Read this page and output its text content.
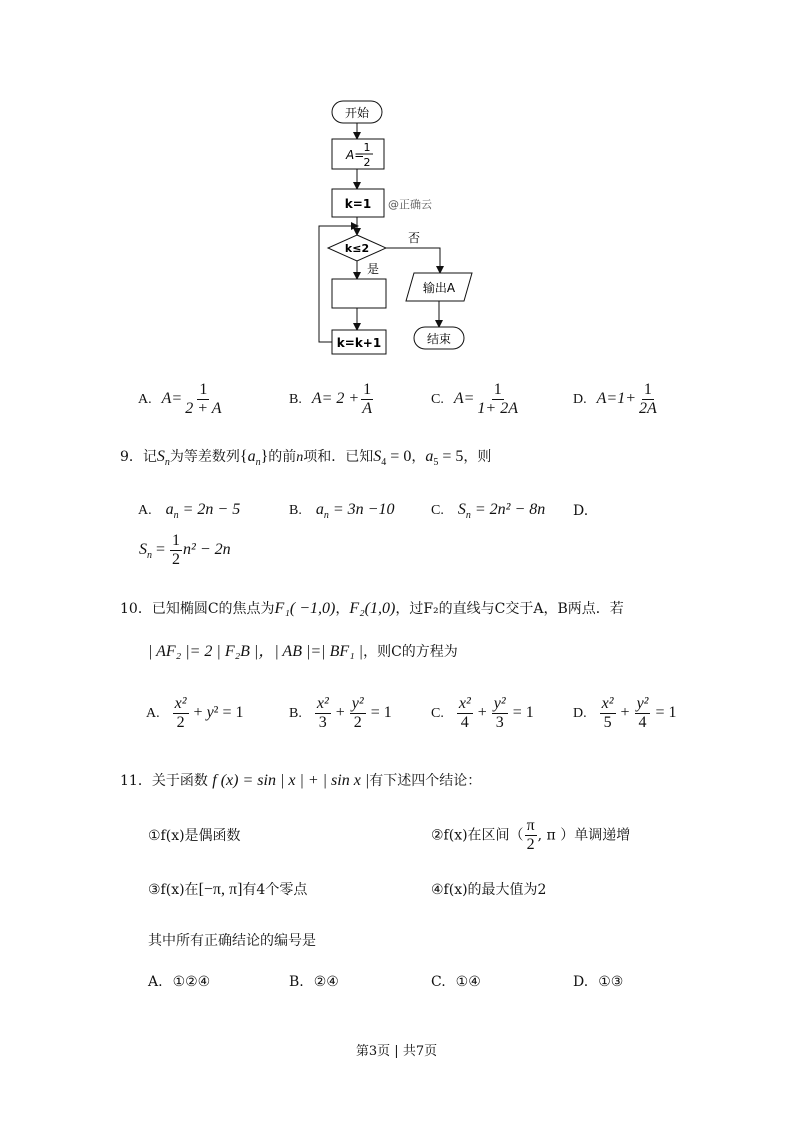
开始
A=
1
2
k=1 @正确云
k≤2
否
是
k=k+1
输出A
结束
A. $A= \frac{1}{2 + A}$	B. $A= 2 + \frac{1}{A}$	C. $A= \frac{1}{1+ 2A}$	D. $A=1+ \frac{1}{2A}$
9．记$S_n$为等差数列$\{a_n\}$的前n项和．已知$S_4 = 0$，$a_5 = 5$，则
A. $a_n = 2n - 5$	B. $a_n = 3n -10$	C. $S_n = 2n^2 - 8n$ D.
$S_n = \frac{1}{2} n^2 - 2n$
10．已知椭圆C的焦点为F₁( −1,0)，F₂(1,0)，过F₂的直线与C交于A，B两点．若
| AF₂ |= 2 | F₂B |，| AB |=| BF₁ |，则C的方程为
A. $\frac{\text{x²}}{2} + y^2 = 1$	B. $\frac{\text{x²}}{3} + \frac{\text{y²}}{2} = 1$	C. $\frac{\text{x²}}{4} + \frac{\text{y²}}{3} = 1$	D. $\frac{\text{x²}}{5} + \frac{\text{y²}}{4} = 1$
11．关于函数 f (x) = sin | x | + | sin x |有下述四个结论：
①f(x)是偶函数	②f(x)在区间（ $\frac{\pi}{2}$ , π ）单调递增
③f(x)在[−π, π]有4个零点	④f(x)的最大值为2
其中所有正确结论的编号是
A. ①②④	B. ②④	C. ①④	D. ①③
第3页 | 共7页
